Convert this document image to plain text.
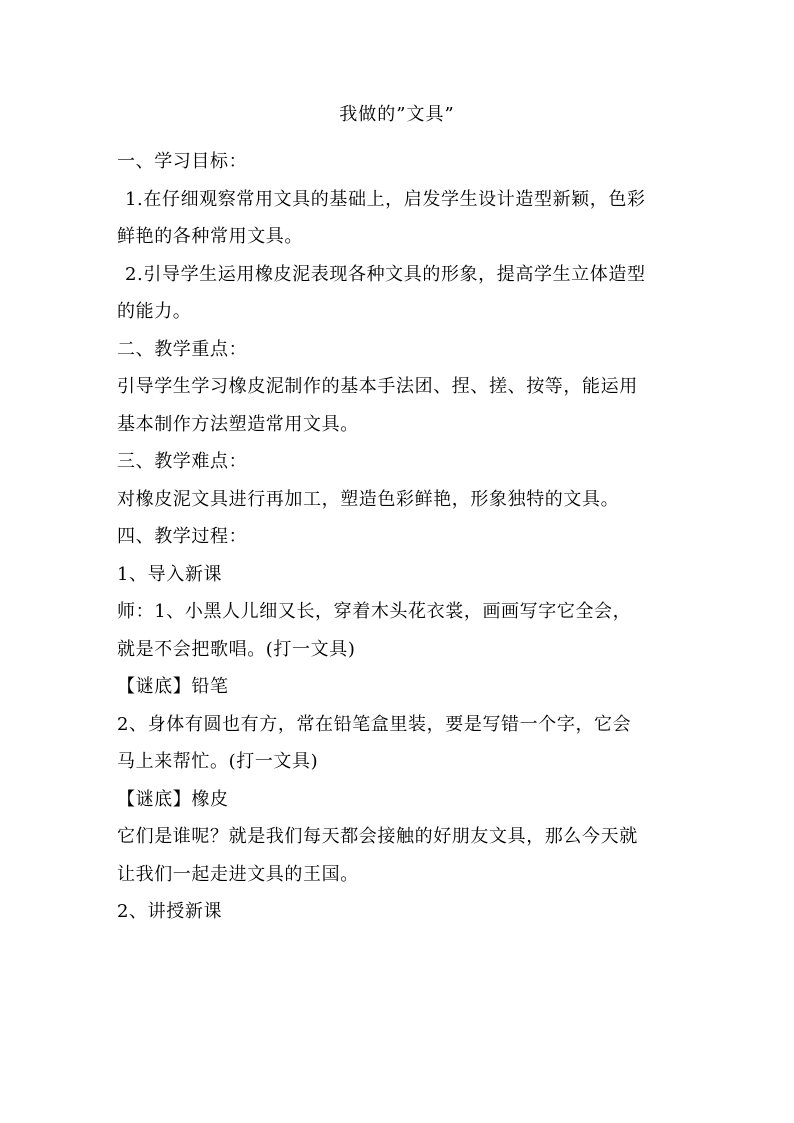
我做的”文具”
一、学习目标：
1.在仔细观察常用文具的基础上，启发学生设计造型新颖，色彩
鲜艳的各种常用文具。
2.引导学生运用橡皮泥表现各种文具的形象，提高学生立体造型
的能力。
二、教学重点：
引导学生学习橡皮泥制作的基本手法团、捏、搓、按等，能运用
基本制作方法塑造常用文具。
三、教学难点：
对橡皮泥文具进行再加工，塑造色彩鲜艳，形象独特的文具。
四、教学过程：
1、导入新课
师：1、小黑人儿细又长，穿着木头花衣裳，画画写字它全会，
就是不会把歌唱。(打一文具)
【谜底】铅笔
2、身体有圆也有方，常在铅笔盒里装，要是写错一个字，它会
马上来帮忙。(打一文具)
【谜底】橡皮
它们是谁呢？就是我们每天都会接触的好朋友文具，那么今天就
让我们一起走进文具的王国。
2、讲授新课
